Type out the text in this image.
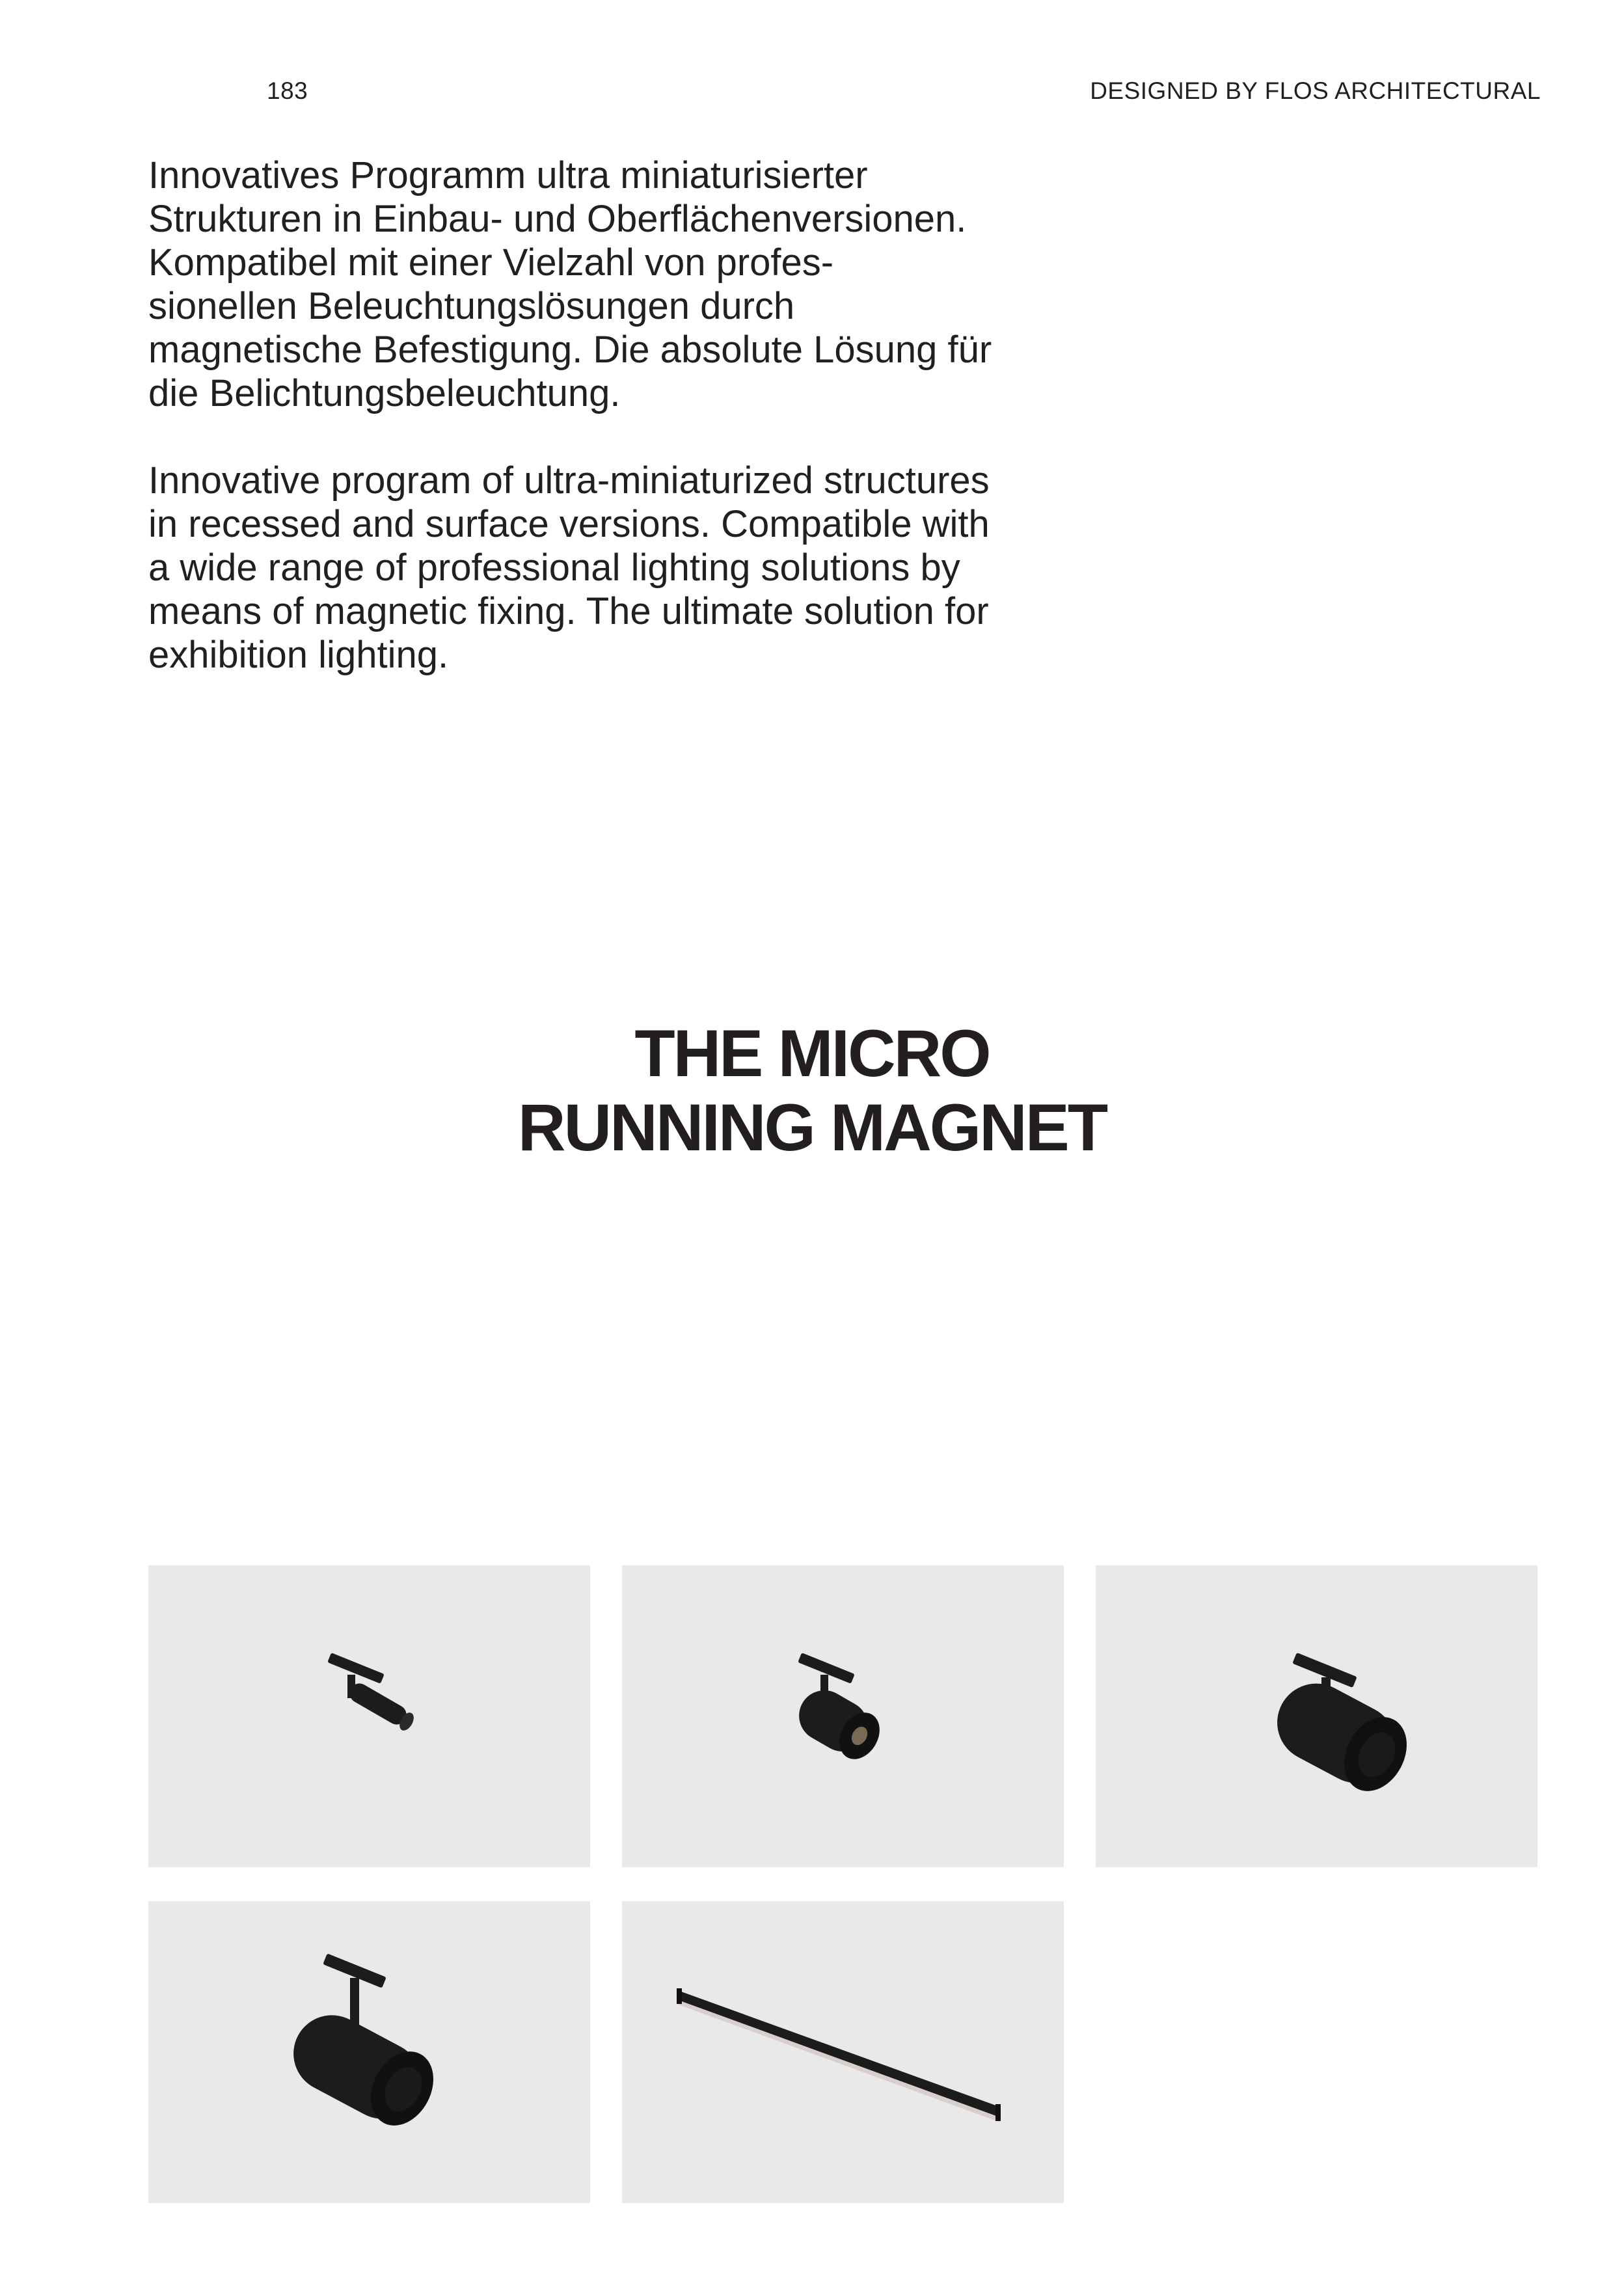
183	DESIGNED BY FLOS ARCHITECTURAL

Innovatives Programm ultra miniaturisierter
Strukturen in Einbau- und Oberflächenversionen.
Kompatibel mit einer Vielzahl von profes-
sionellen Beleuchtungslösungen durch
magnetische Befestigung. Die absolute Lösung für
die Belichtungsbeleuchtung.

Innovative program of ultra-miniaturized structures
in recessed and surface versions. Compatible with
a wide range of professional lighting solutions by
means of magnetic fixing. The ultimate solution for
exhibition lighting.

THE MICRO
RUNNING MAGNET
